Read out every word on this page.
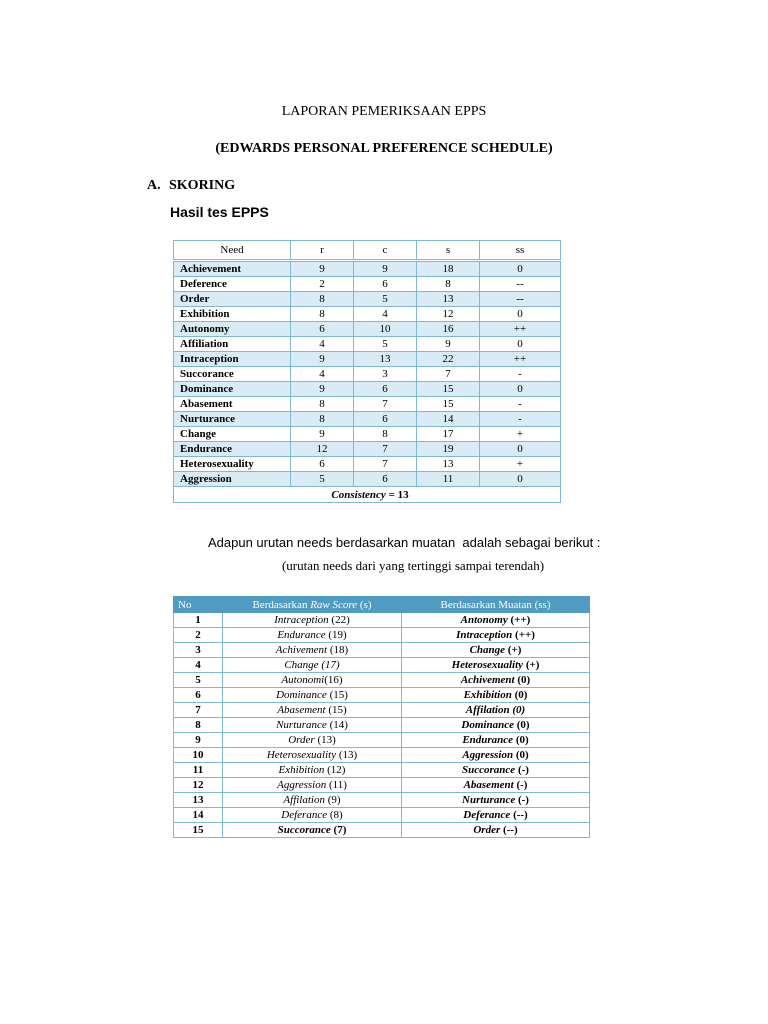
LAPORAN PEMERIKSAAN EPPS
(EDWARDS PERSONAL PREFERENCE SCHEDULE)
A. SKORING
Hasil tes EPPS
Need	r	c	s	ss
Achievement	9	9	18	0
Deference	2	6	8	--
Order	8	5	13	--
Exhibition	8	4	12	0
Autonomy	6	10	16	++
Affiliation	4	5	9	0
Intraception	9	13	22	++
Succorance	4	3	7	-
Dominance	9	6	15	0
Abasement	8	7	15	-
Nurturance	8	6	14	-
Change	9	8	17	+
Endurance	12	7	19	0
Heterosexuality	6	7	13	+
Aggression	5	6	11	0
Consistency = 13				
Adapun urutan needs berdasarkan muatan  adalah sebagai berikut :
(urutan needs dari yang tertinggi sampai terendah)
No	Berdasarkan Raw Score (s)	Berdasarkan Muatan (ss)
1	Intraception (22)	Antonomy (++)
2	Endurance (19)	Intraception (++)
3	Achivement (18)	Change (+)
4	Change (17)	Heterosexuality (+)
5	Autonomi(16)	Achivement (0)
6	Dominance (15)	Exhibition (0)
7	Abasement (15)	Affilation (0)
8	Nurturance (14)	Dominance (0)
9	Order (13)	Endurance (0)
10	Heterosexuality (13)	Aggression (0)
11	Exhibition (12)	Succorance (-)
12	Aggression (11)	Abasement (-)
13	Affilation (9)	Nurturance (-)
14	Deferance (8)	Deferance (--)
15	Succorance (7)	Order (--)
